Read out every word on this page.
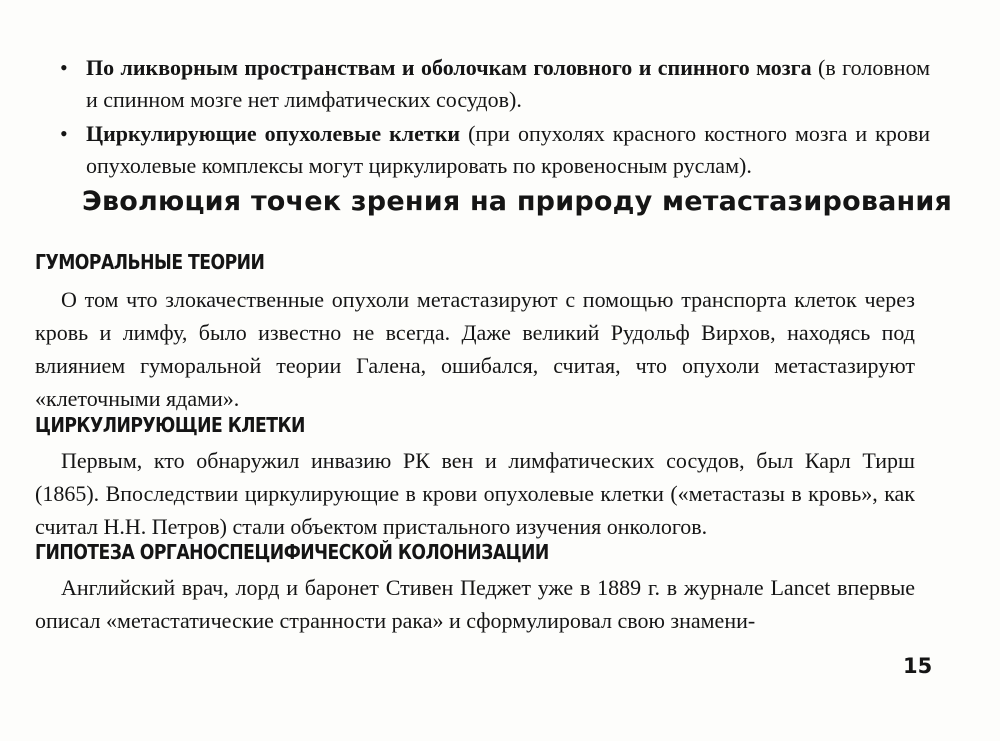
• По ликворным пространствам и оболочкам головного и спинного мозга (в головном и спинном мозге нет лимфатических сосудов).
• Циркулирующие опухолевые клетки (при опухолях красного костного мозга и крови опухолевые комплексы могут циркулировать по кровеносным руслам).
Эволюция точек зрения на природу метастазирования
ГУМОРАЛЬНЫЕ ТЕОРИИ

О том что злокачественные опухоли метастазируют с помощью транспорта клеток через кровь и лимфу, было известно не всегда. Даже великий Рудольф Вирхов, находясь под влиянием гуморальной теории Галена, ошибался, считая, что опухоли метастазируют «клеточными ядами».

ЦИРКУЛИРУЮЩИЕ КЛЕТКИ

Первым, кто обнаружил инвазию РК вен и лимфатических сосудов, был Карл Тирш (1865). Впоследствии циркулирующие в крови опухолевые клетки («метастазы в кровь», как считал Н.Н. Петров) стали объектом пристального изучения онкологов.

ГИПОТЕЗА ОРГАНОСПЕЦИФИЧЕСКОЙ КОЛОНИЗАЦИИ

Английский врач, лорд и баронет Стивен Педжет уже в 1889 г. в журнале Lancet впервые описал «метастатические странности рака» и сформулировал свою знамени-

15
